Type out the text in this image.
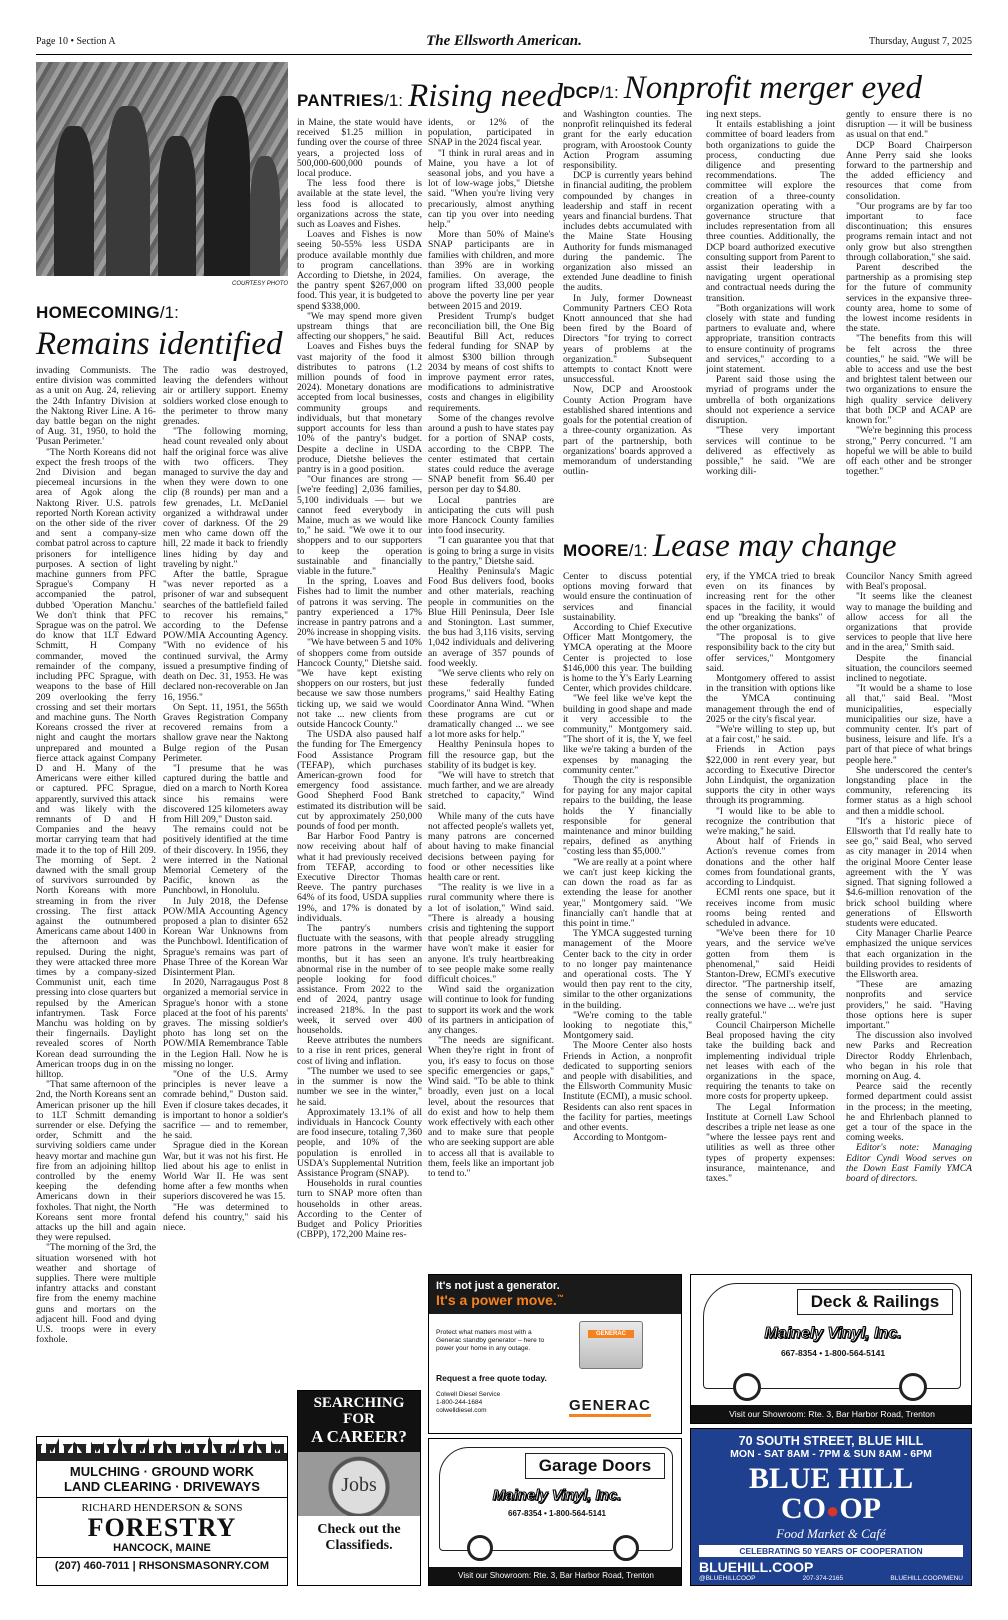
Page 10 • Section A	The Ellsworth American.	Thursday, August 7, 2025
COURTESY PHOTO
HOMECOMING/1:
Remains identified

invading Communists. The entire division was committed as a unit on Aug. 24, relieving the 24th Infantry Division at the Naktong River Line. A 16-day battle began on the night of Aug. 31, 1950, to hold the 'Pusan Perimeter.'

"The North Koreans did not expect the fresh troops of the 2nd Division and began piecemeal incursions in the area of Agok along the Naktong River. U.S. patrols reported North Korean activity on the other side of the river and sent a company-size combat patrol across to capture prisoners for intelligence purposes. A section of light machine gunners from PFC Sprague's Company H accompanied the patrol, dubbed 'Operation Manchu.' We don't think that PFC Sprague was on the patrol. We do know that 1LT Edward Schmitt, H Company commander, moved the remainder of the company, including PFC Sprague, with weapons to the base of Hill 209 overlooking the ferry crossing and set their mortars and machine guns. The North Koreans crossed the river at night and caught the mortars unprepared and mounted a fierce attack against Company D and H. Many of the Americans were either killed or captured. PFC Sprague, apparently, survived this attack and was likely with the remnants of D and H Companies and the heavy mortar carrying team that had made it to the top of Hill 209. The morning of Sept. 2 dawned with the small group of survivors surrounded by North Koreans with more streaming in from the river crossing. The first attack against the outnumbered Americans came about 1400 in the afternoon and was repulsed. During the night, they were attacked three more times by a company-sized Communist unit, each time pressing into close quarters but repulsed by the American infantrymen. Task Force Manchu was holding on by their fingernails. Daylight revealed scores of North Korean dead surrounding the American troops dug in on the hilltop.

"That same afternoon of the 2nd, the North Koreans sent an American prisoner up the hill to 1LT Schmitt demanding surrender or else. Defying the order, Schmitt and the surviving soldiers came under heavy mortar and machine gun fire from an adjoining hilltop controlled by the enemy keeping the defending Americans down in their foxholes. That night, the North Koreans sent more frontal attacks up the hill and again they were repulsed.

"The morning of the 3rd, the situation worsened with hot weather and shortage of supplies. There were multiple infantry attacks and constant fire from the enemy machine guns and mortars on the adjacent hill. Food and dying U.S. troops were in every foxhole.

The radio was destroyed, leaving the defenders without air or artillery support. Enemy soldiers worked close enough to the perimeter to throw many grenades.

"The following morning, head count revealed only about half the original force was alive with two officers. They managed to survive the day and when they were down to one clip (8 rounds) per man and a few grenades, Lt. McDaniel organized a withdrawal under cover of darkness. Of the 29 men who came down off the hill, 22 made it back to friendly lines hiding by day and traveling by night."

After the battle, Sprague "was never reported as a prisoner of war and subsequent searches of the battlefield failed to recover his remains," according to the Defense POW/MIA Accounting Agency. "With no evidence of his continued survival, the Army issued a presumptive finding of death on Dec. 31, 1953. He was declared non-recoverable on Jan 16, 1956."

On Sept. 11, 1951, the 565th Graves Registration Company recovered remains from a shallow grave near the Naktong Bulge region of the Pusan Perimeter.

"I presume that he was captured during the battle and died on a march to North Korea since his remains were discovered 125 kilometers away from Hill 209," Duston said.

The remains could not be positively identified at the time of their discovery. In 1956, they were interred in the National Memorial Cemetery of the Pacific, known as the Punchbowl, in Honolulu.

In July 2018, the Defense POW/MIA Accounting Agency proposed a plan to disinter 652 Korean War Unknowns from the Punchbowl. Identification of Sprague's remains was part of Phase Three of the Korean War Disinterment Plan.

In 2020, Narragaugus Post 8 organized a memorial service in Sprague's honor with a stone placed at the foot of his parents' graves. The missing soldier's photo has long set on the POW/MIA Remembrance Table in the Legion Hall. Now he is missing no longer.

"One of the U.S. Army principles is never leave a comrade behind," Duston said. Even if closure takes decades, it is important to honor a soldier's sacrifice — and to remember, he said.

Sprague died in the Korean War, but it was not his first. He lied about his age to enlist in World War II. He was sent home after a few months when superiors discovered he was 15.

"He was determined to defend his country," said his niece.

PANTRIES/1: Rising need

in Maine, the state would have received $1.25 million in funding over the course of three years, a projected loss of 500,000-600,000 pounds of local produce.

The less food there is available at the state level, the less food is allocated to organizations across the state, such as Loaves and Fishes.

Loaves and Fishes is now seeing 50-55% less USDA produce available monthly due to program cancellations. According to Dietshe, in 2024, the pantry spent $267,000 on food. This year, it is budgeted to spend $338,000.

"We may spend more given upstream things that are affecting our shoppers," he said.

Loaves and Fishes buys the vast majority of the food it distributes to patrons (1.2 million pounds of food in 2024). Monetary donations are accepted from local businesses, community groups and individuals, but that monetary support accounts for less than 10% of the pantry's budget. Despite a decline in USDA produce, Dietshe believes the pantry is in a good position.

"Our finances are strong — [we're feeding] 2,036 families, 5,100 individuals — but we cannot feed everybody in Maine, much as we would like to," he said. "We owe it to our shoppers and to our supporters to keep the operation sustainable and financially viable in the future."

In the spring, Loaves and Fishes had to limit the number of patrons it was serving. The pantry experienced a 17% increase in pantry patrons and a 20% increase in shopping visits.

"We have between 5 and 10% of shoppers come from outside Hancock County," Dietshe said. "We have kept existing shoppers on our rosters, but just because we saw those numbers ticking up, we said we would not take ... new clients from outside Hancock County."

The USDA also paused half the funding for The Emergency Food Assistance Program (TEFAP), which purchases American-grown food for emergency food assistance. Good Shepherd Food Bank estimated its distribution will be cut by approximately 250,000 pounds of food per month.

Bar Harbor Food Pantry is now receiving about half of what it had previously received from TEFAP, according to Executive Director Thomas Reeve. The pantry purchases 64% of its food, USDA supplies 19%, and 17% is donated by individuals.

The pantry's numbers fluctuate with the seasons, with more patrons in the warmer months, but it has seen an abnormal rise in the number of people looking for food assistance. From 2022 to the end of 2024, pantry usage increased 218%. In the past week, it served over 400 households.

Reeve attributes the numbers to a rise in rent prices, general cost of living and inflation.

"The number we used to see in the summer is now the number we see in the winter," he said.

Approximately 13.1% of all individuals in Hancock County are food insecure, totaling 7,360 people, and 10% of the population is enrolled in USDA's Supplemental Nutrition Assistance Program (SNAP).

Households in rural counties turn to SNAP more often than households in other areas. According to the Center of Budget and Policy Priorities (CBPP), 172,200 Maine res-

idents, or 12% of the population, participated in SNAP in the 2024 fiscal year.

"I think in rural areas and in Maine, you have a lot of seasonal jobs, and you have a lot of low-wage jobs," Dietshe said. "When you're living very precariously, almost anything can tip you over into needing help."

More than 50% of Maine's SNAP participants are in families with children, and more than 39% are in working families. On average, the program lifted 33,000 people above the poverty line per year between 2015 and 2019.

President Trump's budget reconciliation bill, the One Big Beautiful Bill Act, reduces federal funding for SNAP by almost $300 billion through 2034 by means of cost shifts to improve payment error rates, modifications to administrative costs and changes in eligibility requirements.

Some of the changes revolve around a push to have states pay for a portion of SNAP costs, according to the CBPP. The center estimated that certain states could reduce the average SNAP benefit from $6.40 per person per day to $4.80.

Local pantries are anticipating the cuts will push more Hancock County families into food insecurity.

"I can guarantee you that that is going to bring a surge in visits to the pantry," Dietshe said.

Healthy Peninsula's Magic Food Bus delivers food, books and other materials, reaching people in communities on the Blue Hill Peninsula, Deer Isle and Stonington. Last summer, the bus had 3,116 visits, serving 1,042 individuals and delivering an average of 357 pounds of food weekly.

"We serve clients who rely on these federally funded programs," said Healthy Eating Coordinator Anna Wind. "When these programs are cut or dramatically changed ... we see a lot more asks for help."

Healthy Peninsula hopes to fill the resource gap, but the stability of its budget is key.

"We will have to stretch that much farther, and we are already stretched to capacity," Wind said.

While many of the cuts have not affected people's wallets yet, many patrons are concerned about having to make financial decisions between paying for food or other necessities like health care or rent.

"The reality is we live in a rural community where there is a lot of isolation," Wind said. "There is already a housing crisis and tightening the support that people already struggling have won't make it easier for anyone. It's truly heartbreaking to see people make some really difficult choices."

Wind said the organization will continue to look for funding to support its work and the work of its partners in anticipation of any changes.

"The needs are significant. When they're right in front of you, it's easy to focus on those specific emergencies or gaps," Wind said. "To be able to think broadly, even just on a local level, about the resources that do exist and how to help them work effectively with each other and to make sure that people who are seeking support are able to access all that is available to them, feels like an important job to tend to."

DCP/1: Nonprofit merger eyed

and Washington counties. The nonprofit relinquished its federal grant for the early education program, with Aroostook County Action Program assuming responsibility.

DCP is currently years behind in financial auditing, the problem compounded by changes in leadership and staff in recent years and financial burdens. That includes debts accumulated with the Maine State Housing Authority for funds mismanaged during the pandemic. The organization also missed an extended June deadline to finish the audits.

In July, former Downeast Community Partners CEO Rota Knott announced that she had been fired by the Board of Directors "for trying to correct years of problems at the organization." Subsequent attempts to contact Knott were unsuccessful.

Now, DCP and Aroostook County Action Program have established shared intentions and goals for the potential creation of a three-county organization. As part of the partnership, both organizations' boards approved a memorandum of understanding outlin-

ing next steps.

It entails establishing a joint committee of board leaders from both organizations to guide the process, conducting due diligence and presenting recommendations. The committee will explore the creation of a three-county organization operating with a governance structure that includes representation from all three counties. Additionally, the DCP board authorized executive consulting support from Parent to assist their leadership in navigating urgent operational and contractual needs during the transition.

"Both organizations will work closely with state and funding partners to evaluate and, where appropriate, transition contracts to ensure continuity of programs and services," according to a joint statement.

Parent said those using the myriad of programs under the umbrella of both organizations should not experience a service disruption.

"These very important services will continue to be delivered as effectively as possible," he said. "We are working dili-

gently to ensure there is no disruption — it will be business as usual on that end."

DCP Board Chairperson Anne Perry said she looks forward to the partnership and the added efficiency and resources that come from consolidation.

"Our programs are by far too important to face discontinuation; this ensures programs remain intact and not only grow but also strengthen through collaboration," she said.

Parent described the partnership as a promising step for the future of community services in the expansive three-county area, home to some of the lowest income residents in the state.

"The benefits from this will be felt across the three counties," he said. "We will be able to access and use the best and brightest talent between our two organizations to ensure the high quality service delivery that both DCP and ACAP are known for."

"We're beginning this process strong," Perry concurred. "I am hopeful we will be able to build off each other and be stronger together."

MOORE/1: Lease may change

Center to discuss potential options moving forward that would ensure the continuation of services and financial sustainability.

According to Chief Executive Officer Matt Montgomery, the YMCA operating at the Moore Center is projected to lose $146,000 this year. The building is home to the Y's Early Learning Center, which provides childcare.

"We feel like we've kept the building in good shape and made it very accessible to the community," Montgomery said. "The short of it is, the Y, we feel like we're taking a burden of the expenses by managing the community center."

Though the city is responsible for paying for any major capital repairs to the building, the lease holds the Y financially responsible for general maintenance and minor building repairs, defined as anything "costing less than $5,000."

"We are really at a point where we can't just keep kicking the can down the road as far as extending the lease for another year," Montgomery said. "We financially can't handle that at this point in time."

The YMCA suggested turning management of the Moore Center back to the city in order to no longer pay maintenance and operational costs. The Y would then pay rent to the city, similar to the other organizations in the building.

"We're coming to the table looking to negotiate this," Montgomery said.

The Moore Center also hosts Friends in Action, a nonprofit dedicated to supporting seniors and people with disabilities, and the Ellsworth Community Music Institute (ECMI), a music school. Residents can also rent spaces in the facility for parties, meetings and other events.

According to Montgom-

ery, if the YMCA tried to break even on its finances by increasing rent for the other spaces in the facility, it would end up "breaking the banks" of the other organizations.

"The proposal is to give responsibility back to the city but offer services," Montgomery said.

Montgomery offered to assist in the transition with options like the YMCA continuing management through the end of 2025 or the city's fiscal year.

"We're willing to step up, but at a fair cost," he said.

Friends in Action pays $22,000 in rent every year, but according to Executive Director John Lindquist, the organization supports the city in other ways through its programming.

"I would like to be able to recognize the contribution that we're making," he said.

About half of Friends in Action's revenue comes from donations and the other half comes from foundational grants, according to Lindquist.

ECMI rents one space, but it receives income from music rooms being rented and scheduled in advance.

"We've been there for 10 years, and the service we've gotten from them is phenomenal," said Heidi Stanton-Drew, ECMI's executive director. "The partnership itself, the sense of community, the connections we have ... we're just really grateful."

Council Chairperson Michelle Beal proposed having the city take the building back and implementing individual triple net leases with each of the organizations in the space, requiring the tenants to take on more costs for property upkeep.

The Legal Information Institute at Cornell Law School describes a triple net lease as one "where the lessee pays rent and utilities as well as three other types of property expenses: insurance, maintenance, and taxes."

Councilor Nancy Smith agreed with Beal's proposal.

"It seems like the cleanest way to manage the building and allow access for all the organizations that provide services to people that live here and in the area," Smith said.

Despite the financial situation, the councilors seemed inclined to negotiate.

"It would be a shame to lose all that," said Beal. "Most municipalities, especially municipalities our size, have a community center. It's part of business, leisure and life. It's a part of that piece of what brings people here."

She underscored the center's longstanding place in the community, referencing its former status as a high school and then a middle school.

"It's a historic piece of Ellsworth that I'd really hate to see go," said Beal, who served as city manager in 2014 when the original Moore Center lease agreement with the Y was signed. That signing followed a $4.6-million renovation of the brick school building where generations of Ellsworth students were educated.

City Manager Charlie Pearce emphasized the unique services that each organization in the building provides to residents of the Ellsworth area.

"These are amazing nonprofits and service providers," he said. "Having those options here is super important."

The discussion also involved new Parks and Recreation Director Roddy Ehrlenbach, who began in his role that morning on Aug. 4.

Pearce said the recently formed department could assist in the process; in the meeting, he and Ehrlenbach planned to get a tour of the space in the coming weeks.

Editor's note: Managing Editor Cyndi Wood serves on the Down East Family YMCA board of directors.

MULCHING · GROUND WORK
LAND CLEARING · DRIVEWAYS
RICHARD HENDERSON & SONS
FORESTRY
HANCOCK, MAINE
(207) 460-7011 | RHSONSMASONRY.COM
SEARCHING FOR
A CAREER?
Jobs
Check out the Classifieds.
It's not just a generator.
It's a power move.™
Protect what matters most with a Generac standby generator – here to power your home in any outage.
GENERAC
Request a free quote today.
Colwell Diesel Service
1-800-244-1684
colwelldiesel.com	GENERAC
Garage Doors
Mainely Vinyl, Inc.
667-8354 • 1-800-564-5141
Visit our Showroom: Rte. 3, Bar Harbor Road, Trenton
Deck & Railings
Mainely Vinyl, Inc.
667-8354 • 1-800-564-5141
Visit our Showroom: Rte. 3, Bar Harbor Road, Trenton
70 SOUTH STREET, BLUE HILL
MON - SAT 8AM - 7PM & SUN 8AM - 6PM
BLUE HILL
CO●OP
Food Market & Café
CELEBRATING 50 YEARS OF COOPERATION
BLUEHILL.COOP
@BLUEHILLCOOP	207-374-2165	BLUEHILL.COOP/MENU
